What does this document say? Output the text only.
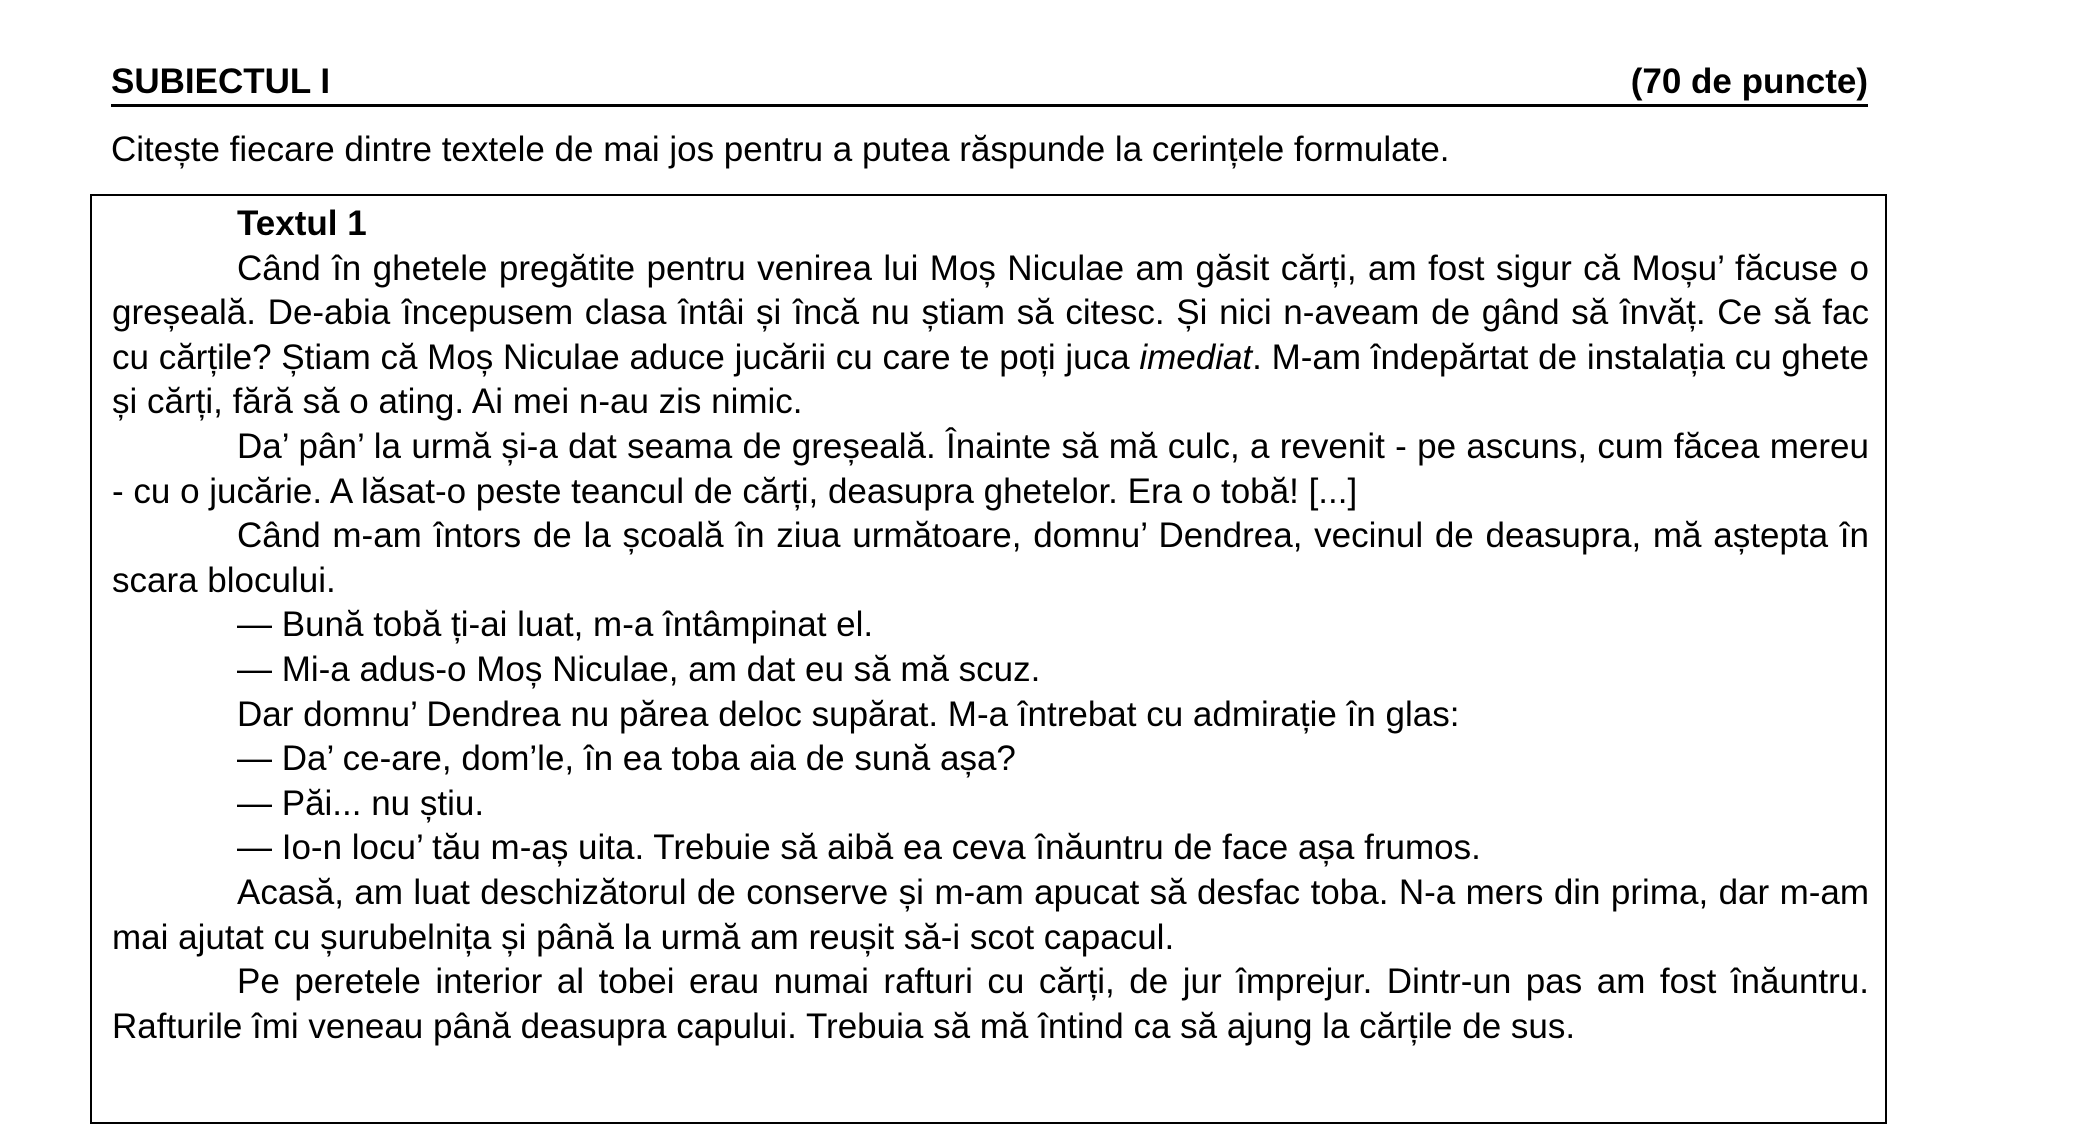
SUBIECTUL I	(70 de puncte)
Citește fiecare dintre textele de mai jos pentru a putea răspunde la cerințele formulate.

Textul 1

Când în ghetele pregătite pentru venirea lui Moș Niculae am găsit cărți, am fost sigur că Moșu’ făcuse o greșeală. De-abia începusem clasa întâi și încă nu știam să citesc. Și nici n-aveam de gând să învăț. Ce să fac cu cărțile? Știam că Moș Niculae aduce jucării cu care te poți juca imediat. M-am îndepărtat de instalația cu ghete și cărți, fără să o ating. Ai mei n-au zis nimic.

Da’ pân’ la urmă și-a dat seama de greșeală. Înainte să mă culc, a revenit - pe ascuns, cum făcea mereu - cu o jucărie. A lăsat-o peste teancul de cărți, deasupra ghetelor. Era o tobă! [...]

Când m-am întors de la școală în ziua următoare, domnu’ Dendrea, vecinul de deasupra, mă aștepta în scara blocului.

— Bună tobă ți-ai luat, m-a întâmpinat el.

— Mi-a adus-o Moș Niculae, am dat eu să mă scuz.

Dar domnu’ Dendrea nu părea deloc supărat. M-a întrebat cu admirație în glas:

— Da’ ce-are, dom’le, în ea toba aia de sună așa?

— Păi... nu știu.

— Io-n locu’ tău m-aș uita. Trebuie să aibă ea ceva înăuntru de face așa frumos.

Acasă, am luat deschizătorul de conserve și m-am apucat să desfac toba. N-a mers din prima, dar m-am mai ajutat cu șurubelnița și până la urmă am reușit să-i scot capacul.

Pe peretele interior al tobei erau numai rafturi cu cărți, de jur împrejur. Dintr-un pas am fost înăuntru. Rafturile îmi veneau până deasupra capului. Trebuia să mă întind ca să ajung la cărțile de sus.
